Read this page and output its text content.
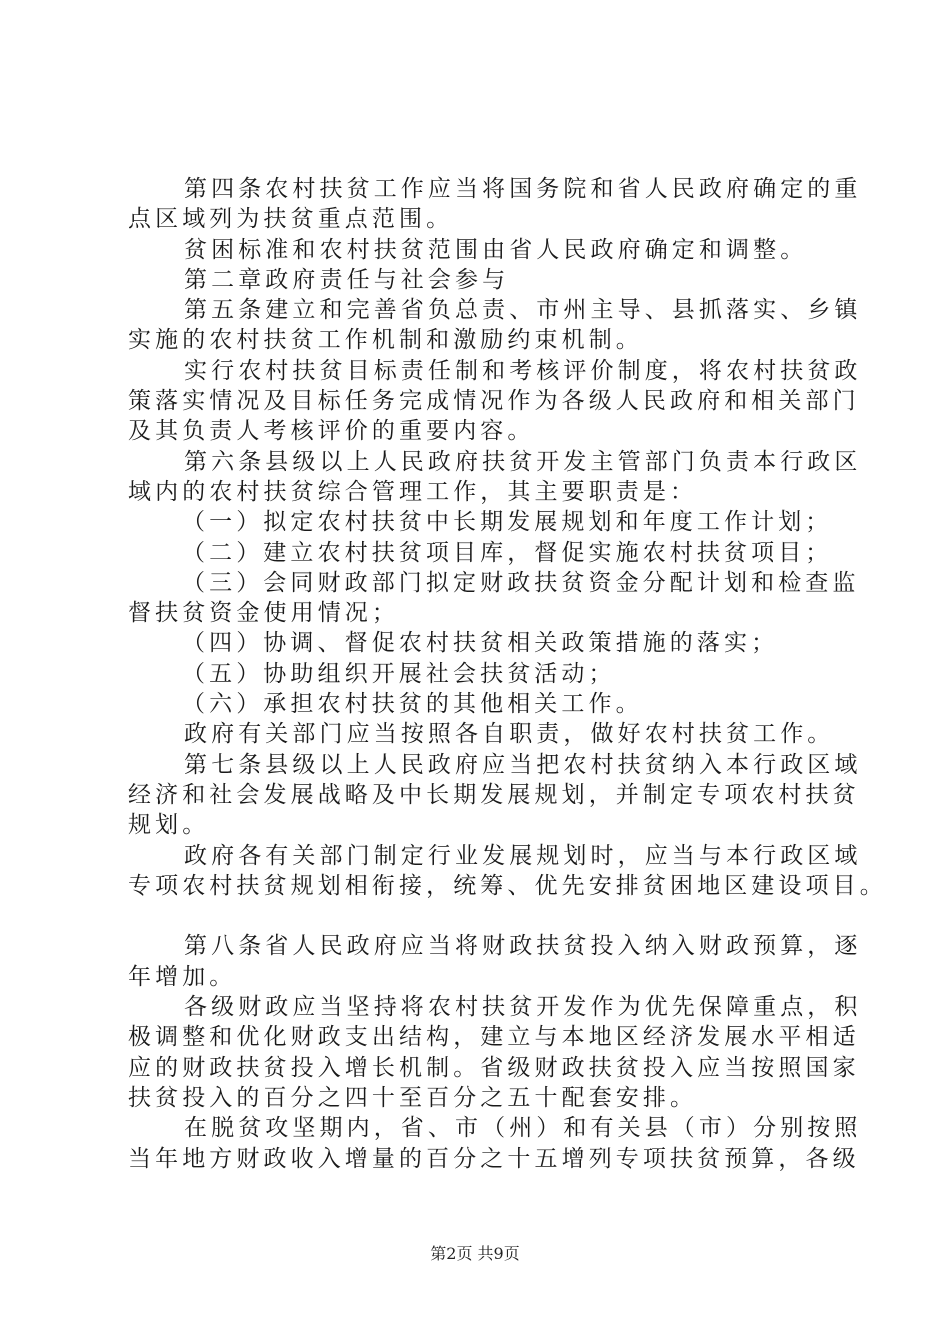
第四条农村扶贫工作应当将国务院和省人民政府确定的重
点区域列为扶贫重点范围。
贫困标准和农村扶贫范围由省人民政府确定和调整。
第二章政府责任与社会参与
第五条建立和完善省负总责、市州主导、县抓落实、乡镇
实施的农村扶贫工作机制和激励约束机制。
实行农村扶贫目标责任制和考核评价制度，将农村扶贫政
策落实情况及目标任务完成情况作为各级人民政府和相关部门
及其负责人考核评价的重要内容。
第六条县级以上人民政府扶贫开发主管部门负责本行政区
域内的农村扶贫综合管理工作，其主要职责是：
（一）拟定农村扶贫中长期发展规划和年度工作计划；
（二）建立农村扶贫项目库，督促实施农村扶贫项目；
（三）会同财政部门拟定财政扶贫资金分配计划和检查监
督扶贫资金使用情况；
（四）协调、督促农村扶贫相关政策措施的落实；
（五）协助组织开展社会扶贫活动；
（六）承担农村扶贫的其他相关工作。
政府有关部门应当按照各自职责，做好农村扶贫工作。
第七条县级以上人民政府应当把农村扶贫纳入本行政区域
经济和社会发展战略及中长期发展规划，并制定专项农村扶贫
规划。
政府各有关部门制定行业发展规划时，应当与本行政区域
专项农村扶贫规划相衔接，统筹、优先安排贫困地区建设项目。
第八条省人民政府应当将财政扶贫投入纳入财政预算，逐
年增加。
各级财政应当坚持将农村扶贫开发作为优先保障重点，积
极调整和优化财政支出结构，建立与本地区经济发展水平相适
应的财政扶贫投入增长机制。省级财政扶贫投入应当按照国家
扶贫投入的百分之四十至百分之五十配套安排。
在脱贫攻坚期内，省、市（州）和有关县（市）分别按照
当年地方财政收入增量的百分之十五增列专项扶贫预算，各级
第2页 共9页
